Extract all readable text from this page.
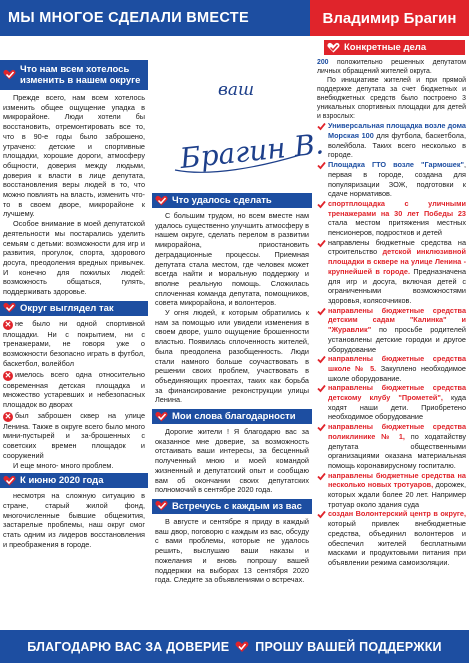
МЫ МНОГОЕ СДЕЛАЛИ ВМЕСТЕ	Владимир Брагин
ваш
Брагин В.
Что нам всем хотелось изменить в нашем округе

Прежде всего, нам всем хотелось изменить общее ощущение упадка в микрорайоне. Люди хотели бы восстановить, отремонтировать все то, что в 90-е годы было заброшено, утрачено: детские и спортивные площадки, хорошие дороги, атмосферу общности, доверия между людьми, доверия к власти в лице депутата, восстановления веры людей в то, что можно повлиять на власть, изменить что-то в своем дворе, микрорайоне к лучшему.

Особое внимание в моей депутатской деятельности мы постарались уделить семьям с детьми: возможности для игр и развития, прогулок, спорта, здорового досуга, преодоления вредных привычек. И конечно для пожилых людей: возможность общаться, гулять, поддерживать здоровье.

Округ выглядел так
✕ не было ни одной спортивной площадки. Ни с покрытием, ни с тренажерами, не говоря уже о возможности безопасно играть в футбол, баскетбол, волейбол
✕ имелось всего одна относительно современная детская площадка и множество устаревших и небезопасных площадок во дворах
✕ был заброшен сквер на улице Ленина. Также в округе всего было много мини-пустырей и за-брошенных с советских времен площадок и сооружений

И еще много- много проблем.

К июню 2020 года

несмотря на сложную ситуацию в стране, старый жилой фонд, многочисленные бывшие общежития, застарелые проблемы, наш округ смог стать одним из лидеров восстановления и преображения в городе.

Что удалось сделать

С большим трудом, но всем вместе нам удалось существенно улучшить атмосферу в нашем округе, сделать перелом в развитии микрорайона, приостановить деградационные процессы. Приемная депутата стала местом, где человек может всегда найти и моральную поддержку и вполне реальную помощь. Сложилась сплоченная команда депутата, помощников, совета микрорайона, и волонтеров.

У огня людей, к которым обратились к нам за помощью или увидели изменения в своем дворе, ушло ощущение брошенности властью. Появилась сплоченность жителей, была преодолена разобщенность. Люди стали намного больше соучаствовать в решении своих проблем, участвовать в объединяющих проектах, таких как борьба за финансирование реконструкции улицы Ленина.

Мои слова благодарности

Дорогие жители ! Я благодарю вас за оказанное мне доверие, за возможность отстаивать ваши интересы, за бесценный полученный мною и моей командой жизненный и депутатский опыт и сообщаю вам об окончании своих депутатских полномочий в сентябре 2020 года.

Встречусь с каждым из вас

В августе и сентябре я приду в каждый ваш двор, поговорю с каждым из вас, обсуду с вами проблемы, которые не удалось решить, выслушаю ваши наказы и пожелания и вновь попрошу вашей поддержки на выборах 13 сентября 2020 года. Следите за объявлениями о встречах.

Конкретные дела
200 положительно решенных депутатом личных обращений жителей округа.

По инициативе жителей и при прямой поддержке депутата за счет бюджетных и внебюджетных средств было построено 3 уникальных спортивных площадки для детей и взрослых:

Универсальная площадка возле дома Морская 100 для футбола, баскетбола, волейбола. Таких всего несколько в городе.
Площадка ГТО возле "Гармошек", первая в городе, создана для популяризации ЗОЖ, подготовки к сдаче нормативов.
спортплощадка с уличными тренажерами на 30 лет Победы 23 стала местом притяжения местных пенсионеров, подростков и детей
направлены бюджетные средства на строительство детской инклюзивной площадки в сквере на улице Ленина - крупнейшей в городе. Предназначена для игр и досуга, включая детей с ограниченными возможностями здоровья, колясочников.
направлены бюджетные средства детским садам "Калинка" и "Журавлик" по просьбе родителей установлены детские городки и другое оборудование
направлены бюджетные средства школе № 5. Закуплено необходимое школе оборудование.
направлены бюджетные средства детскому клубу "Прометей", куда ходят наши дети. Приобретено необходимое оборудование
направлены бюджетные средства поликлинике № 1, по ходатайству депутата общественными организациями оказана материальная помощь коронавирусному госпиталю.
направлены бюджетные средства на несколько новых тротуаров, дорожек, которых ждали более 20 лет. Например тротуар около здания суда
создан Волонтерский центр в округе, который привлек внебюджетные средства, объединил волонтеров и обеспечил жителей бесплатными масками и продуктовыми питания при объявлении режима самоизоляции.
БЛАГОДАРЮ ВАС ЗА ДОВЕРИЕ ПРОШУ ВАШЕЙ ПОДДЕРЖКИ
